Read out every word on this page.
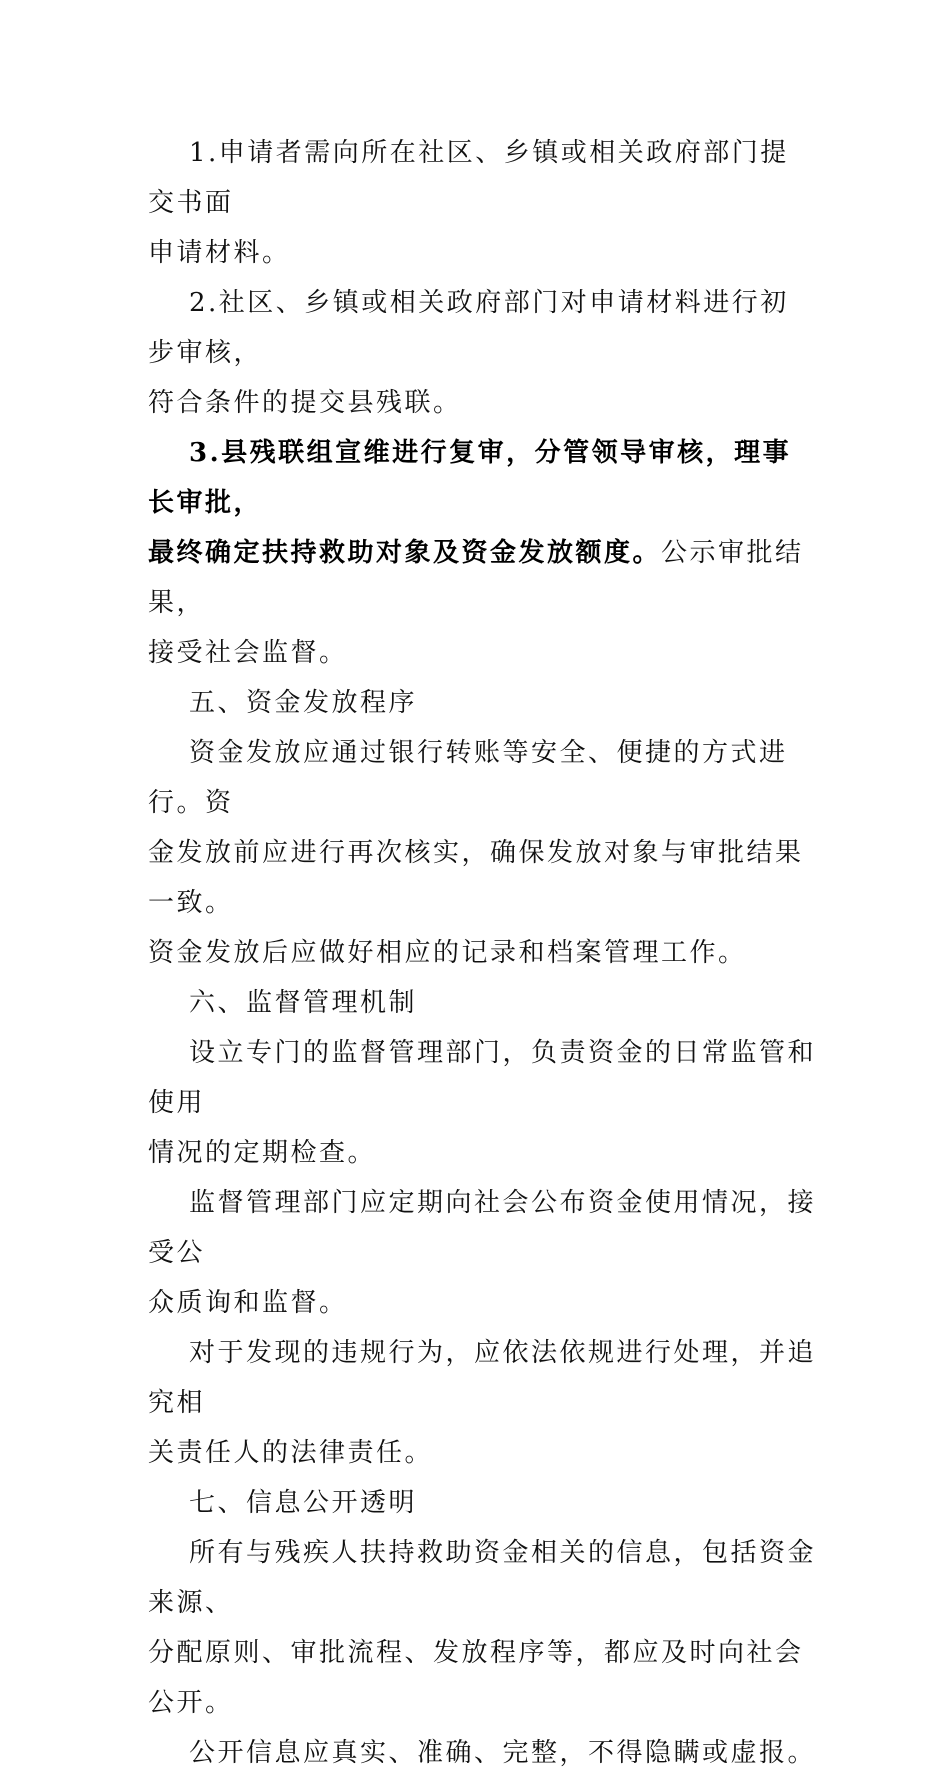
1.申请者需向所在社区、乡镇或相关政府部门提交书面
申请材料。

2.社区、乡镇或相关政府部门对申请材料进行初步审核，
符合条件的提交县残联。

3.县残联组宣维进行复审，分管领导审核，理事长审批，
最终确定扶持救助对象及资金发放额度。公示审批结果，
接受社会监督。

五、资金发放程序

资金发放应通过银行转账等安全、便捷的方式进行。资
金发放前应进行再次核实，确保发放对象与审批结果一致。
资金发放后应做好相应的记录和档案管理工作。

六、监督管理机制

设立专门的监督管理部门，负责资金的日常监管和使用
情况的定期检查。

监督管理部门应定期向社会公布资金使用情况，接受公
众质询和监督。

对于发现的违规行为，应依法依规进行处理，并追究相
关责任人的法律责任。

七、信息公开透明

所有与残疾人扶持救助资金相关的信息，包括资金来源、
分配原则、审批流程、发放程序等，都应及时向社会公开。

公开信息应真实、准确、完整，不得隐瞒或虚报。
